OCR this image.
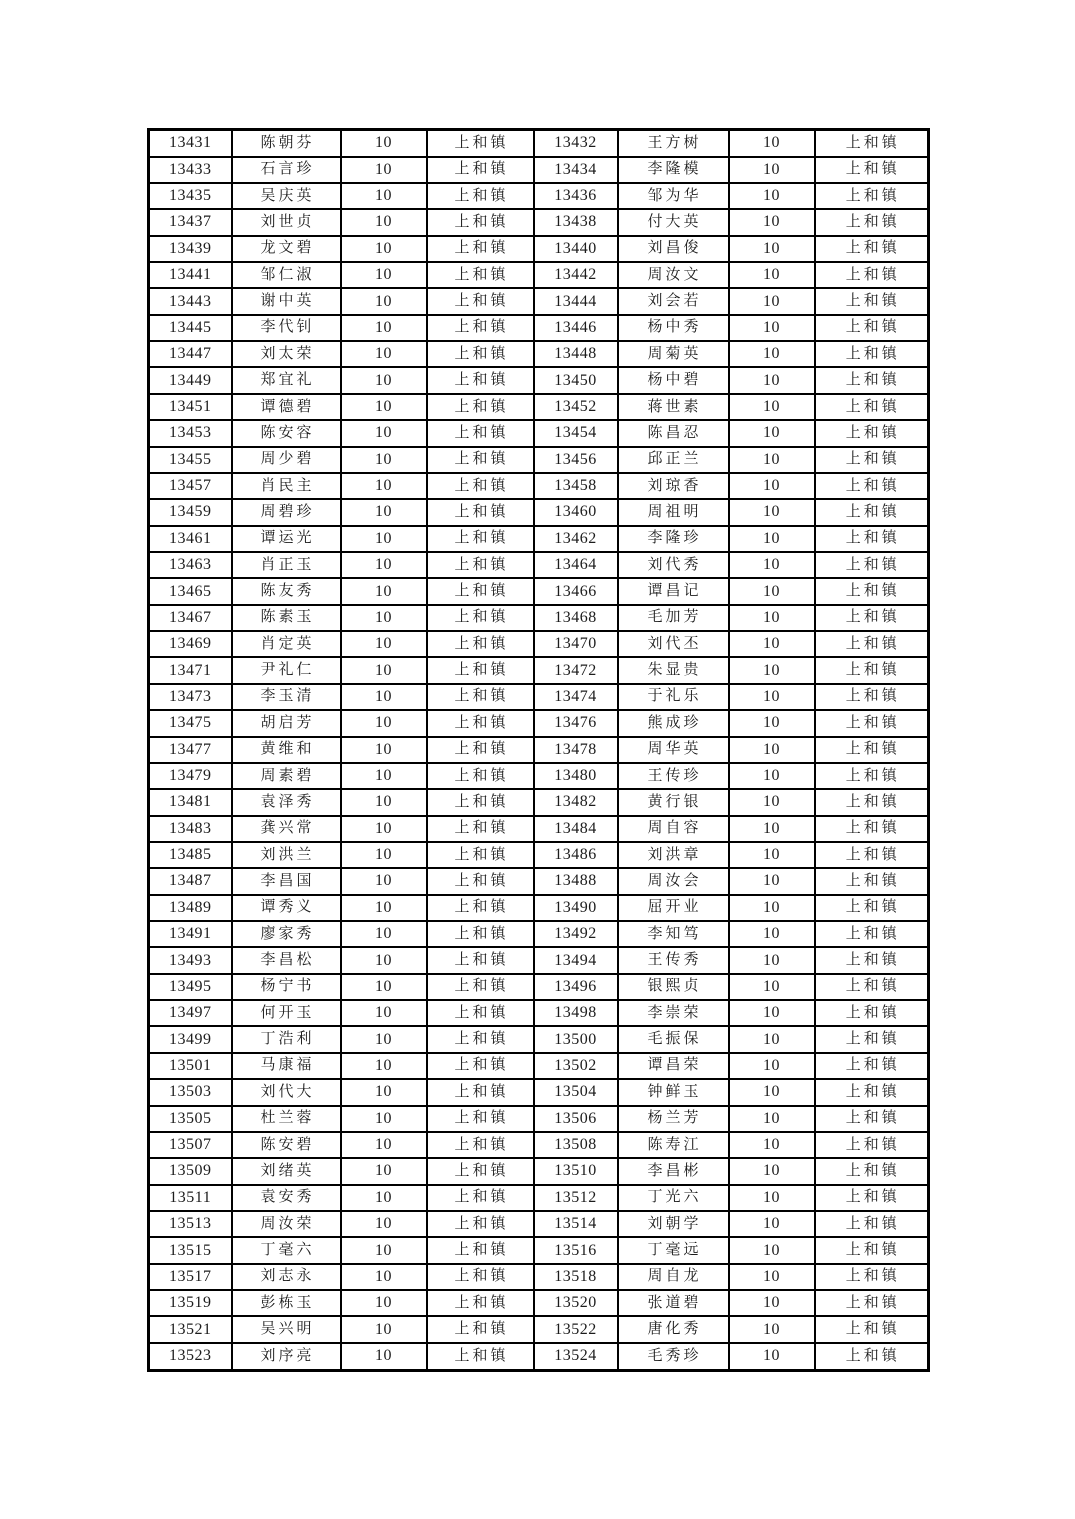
13431	陈朝芬	10	上和镇	13432	王方树	10	上和镇
13433	石言珍	10	上和镇	13434	李隆模	10	上和镇
13435	吴庆英	10	上和镇	13436	邹为华	10	上和镇
13437	刘世贞	10	上和镇	13438	付大英	10	上和镇
13439	龙文碧	10	上和镇	13440	刘昌俊	10	上和镇
13441	邹仁淑	10	上和镇	13442	周汝文	10	上和镇
13443	谢中英	10	上和镇	13444	刘会若	10	上和镇
13445	李代钊	10	上和镇	13446	杨中秀	10	上和镇
13447	刘太荣	10	上和镇	13448	周菊英	10	上和镇
13449	郑宜礼	10	上和镇	13450	杨中碧	10	上和镇
13451	谭德碧	10	上和镇	13452	蒋世素	10	上和镇
13453	陈安容	10	上和镇	13454	陈昌忍	10	上和镇
13455	周少碧	10	上和镇	13456	邱正兰	10	上和镇
13457	肖民主	10	上和镇	13458	刘琼香	10	上和镇
13459	周碧珍	10	上和镇	13460	周祖明	10	上和镇
13461	谭运光	10	上和镇	13462	李隆珍	10	上和镇
13463	肖正玉	10	上和镇	13464	刘代秀	10	上和镇
13465	陈友秀	10	上和镇	13466	谭昌记	10	上和镇
13467	陈素玉	10	上和镇	13468	毛加芳	10	上和镇
13469	肖定英	10	上和镇	13470	刘代丕	10	上和镇
13471	尹礼仁	10	上和镇	13472	朱显贵	10	上和镇
13473	李玉清	10	上和镇	13474	于礼乐	10	上和镇
13475	胡启芳	10	上和镇	13476	熊成珍	10	上和镇
13477	黄维和	10	上和镇	13478	周华英	10	上和镇
13479	周素碧	10	上和镇	13480	王传珍	10	上和镇
13481	袁泽秀	10	上和镇	13482	黄行银	10	上和镇
13483	龚兴常	10	上和镇	13484	周自容	10	上和镇
13485	刘洪兰	10	上和镇	13486	刘洪章	10	上和镇
13487	李昌国	10	上和镇	13488	周汝会	10	上和镇
13489	谭秀义	10	上和镇	13490	屈开业	10	上和镇
13491	廖家秀	10	上和镇	13492	李知笃	10	上和镇
13493	李昌松	10	上和镇	13494	王传秀	10	上和镇
13495	杨宁书	10	上和镇	13496	银熙贞	10	上和镇
13497	何开玉	10	上和镇	13498	李崇荣	10	上和镇
13499	丁浩利	10	上和镇	13500	毛振保	10	上和镇
13501	马康福	10	上和镇	13502	谭昌荣	10	上和镇
13503	刘代大	10	上和镇	13504	钟鲜玉	10	上和镇
13505	杜兰蓉	10	上和镇	13506	杨兰芳	10	上和镇
13507	陈安碧	10	上和镇	13508	陈寿江	10	上和镇
13509	刘绪英	10	上和镇	13510	李昌彬	10	上和镇
13511	袁安秀	10	上和镇	13512	丁光六	10	上和镇
13513	周汝荣	10	上和镇	13514	刘朝学	10	上和镇
13515	丁毫六	10	上和镇	13516	丁毫远	10	上和镇
13517	刘志永	10	上和镇	13518	周自龙	10	上和镇
13519	彭栋玉	10	上和镇	13520	张道碧	10	上和镇
13521	吴兴明	10	上和镇	13522	唐化秀	10	上和镇
13523	刘序亮	10	上和镇	13524	毛秀珍	10	上和镇
